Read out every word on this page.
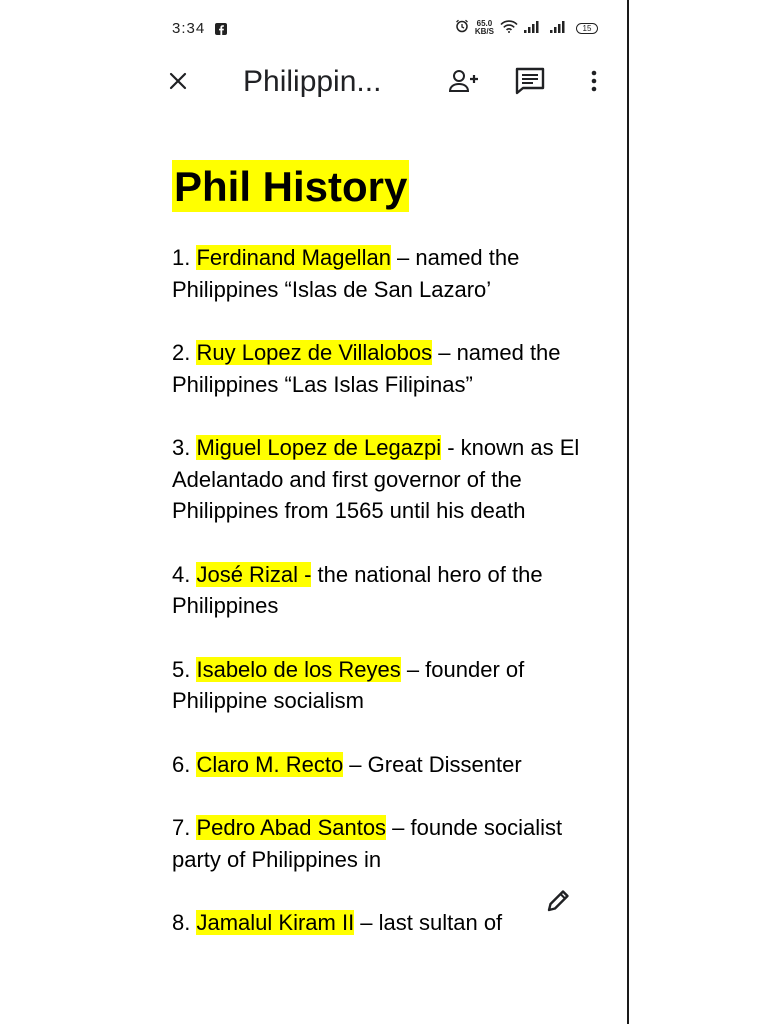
3:34	65.0
KB/S	15
Philippin...
Phil History

1. Ferdinand Magellan – named the Philippines “Islas de San Lazaro’

2. Ruy Lopez de Villalobos – named the Philippines “Las Islas Filipinas”

3. Miguel Lopez de Legazpi - known as El Adelantado and first governor of the Philippines from 1565 until his death

4. José Rizal - the national hero of the Philippines

5. Isabelo de los Reyes – founder of Philippine socialism

6. Claro M. Recto – Great Dissenter

7. Pedro Abad Santos – founde socialist party of Philippines in

8. Jamalul Kiram II – last sultan of
